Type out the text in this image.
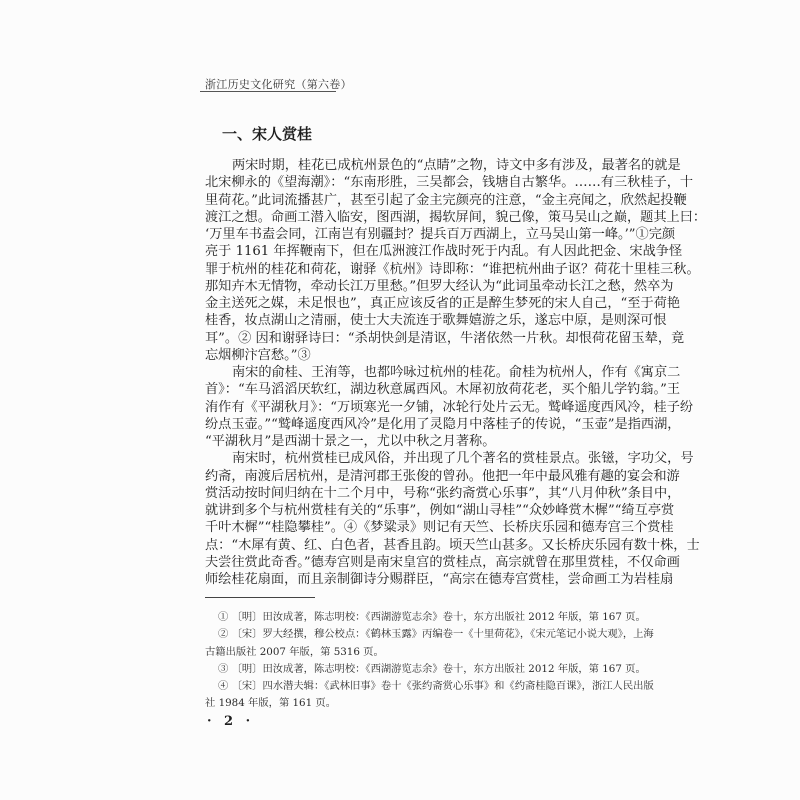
浙江历史文化研究（第六卷）
一、宋人赏桂
两宋时期，桂花已成杭州景色的“点睛”之物，诗文中多有涉及，最著名的就是
北宋柳永的《望海潮》：“东南形胜，三吴都会，钱塘自古繁华。……有三秋桂子，十
里荷花。”此词流播甚广，甚至引起了金主完颜亮的注意，“金主亮闻之，欣然起投鞭
渡江之想。命画工潜入临安，图西湖，揭软屏间，貌己像，策马吴山之巅，题其上曰：
‘万里车书盍会同，江南岂有别疆封？提兵百万西湖上，立马吴山第一峰。’”①完颜
亮于 1161 年挥鞭南下，但在瓜洲渡江作战时死于内乱。有人因此把金、宋战争怪
罪于杭州的桂花和荷花，谢驿《杭州》诗即称：“谁把杭州曲子讴？荷花十里桂三秋。
那知卉木无情物，牵动长江万里愁。”但罗大经认为“此词虽牵动长江之愁，然卒为
金主送死之媒，未足恨也”，真正应该反省的正是醉生梦死的宋人自己，“至于荷艳
桂香，妆点湖山之清丽，使士大夫流连于歌舞嬉游之乐，遂忘中原，是则深可恨
耳”。② 因和谢驿诗曰：“杀胡快剑是清讴，牛渚依然一片秋。却恨荷花留玉辇，竟
忘烟柳汴宫愁。”③
南宋的俞桂、王洧等，也都吟咏过杭州的桂花。俞桂为杭州人，作有《寓京二
首》：“车马滔滔厌软红，湖边秋意属西风。木犀初放荷花老，买个船儿学钓翁。”王
洧作有《平湖秋月》：“万顷寒光一夕铺，冰轮行处片云无。鹫峰遥度西风冷，桂子纷
纷点玉壶。”“鹫峰遥度西风冷”是化用了灵隐月中落桂子的传说，“玉壶”是指西湖，
“平湖秋月”是西湖十景之一，尤以中秋之月著称。
南宋时，杭州赏桂已成风俗，并出现了几个著名的赏桂景点。张镃，字功父，号
约斋，南渡后居杭州，是清河郡王张俊的曾孙。他把一年中最风雅有趣的宴会和游
赏活动按时间归纳在十二个月中，号称“张约斋赏心乐事”，其“八月仲秋”条目中，
就讲到多个与杭州赏桂有关的“乐事”，例如“湖山寻桂”“众妙峰赏木樨”“绮互亭赏
千叶木樨”“桂隐攀桂”。④《梦粱录》则记有天竺、长桥庆乐园和德寿宫三个赏桂
点：“木犀有黄、红、白色者，甚香且韵。顷天竺山甚多。又长桥庆乐园有数十株，士
夫尝往赏此奇香。”德寿宫则是南宋皇宫的赏桂点，高宗就曾在那里赏桂，不仅命画
师绘桂花扇面，而且亲制御诗分赐群臣，“高宗在德寿宫赏桂，尝命画工为岩桂扇
① 〔明〕田汝成著，陈志明校：《西湖游览志余》卷十，东方出版社 2012 年版，第 167 页。
② 〔宋〕罗大经撰，穆公校点：《鹤林玉露》丙编卷一《十里荷花》，《宋元笔记小说大观》，上海
古籍出版社 2007 年版，第 5316 页。
③ 〔明〕田汝成著，陈志明校：《西湖游览志余》卷十，东方出版社 2012 年版，第 167 页。
④ 〔宋〕四水潜夫辑：《武林旧事》卷十《张约斋赏心乐事》和《约斋桂隐百课》，浙江人民出版
社 1984 年版，第 161 页。
· 2 ·
